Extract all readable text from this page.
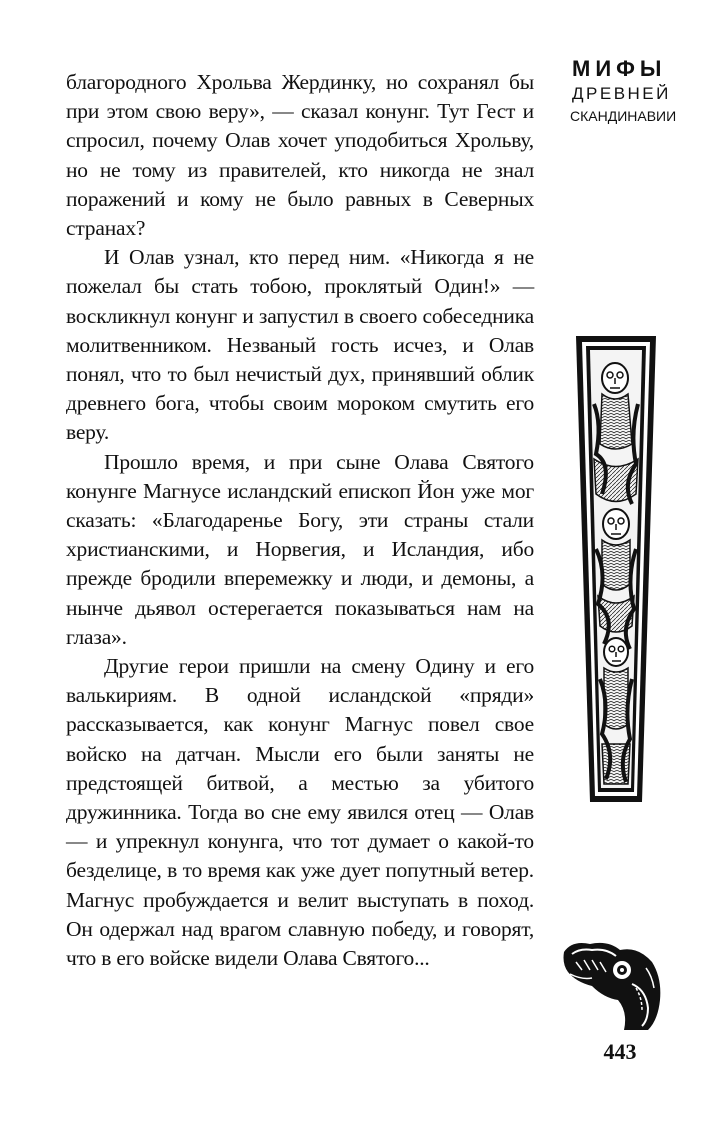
благородного Хрольва Жердинку, но сохранял бы при этом свою веру», — сказал конунг. Тут Гест и спросил, почему Олав хочет уподобиться Хрольву, но не тому из правителей, кто никогда не знал поражений и кому не было равных в Северных странах?

И Олав узнал, кто перед ним. «Никогда я не пожелал бы стать тобою, проклятый Один!» — воскликнул конунг и запустил в своего собеседника молитвенником. Незваный гость исчез, и Олав понял, что то был нечистый дух, принявший облик древнего бога, чтобы своим мороком смутить его веру.

Прошло время, и при сыне Олава Святого конунге Магнусе исландский епископ Йон уже мог сказать: «Благодаренье Богу, эти страны стали христианскими, и Норвегия, и Исландия, ибо прежде бродили вперемежку и люди, и демоны, а нынче дьявол остерегается показываться нам на глаза».

Другие герои пришли на смену Одину и его валькириям. В одной исландской «пряди» рассказывается, как конунг Магнус повел свое войско на датчан. Мысли его были заняты не предстоящей битвой, а местью за убитого дружинника. Тогда во сне ему явился отец — Олав — и упрекнул конунга, что тот думает о какой-то безделице, в то время как уже дует попутный ветер. Магнус пробуждается и велит выступать в поход. Он одержал над врагом славную победу, и говорят, что в его войске видели Олава Святого...

МИФЫ
ДРЕВНЕЙ
СКАНДИНАВИИ
443
